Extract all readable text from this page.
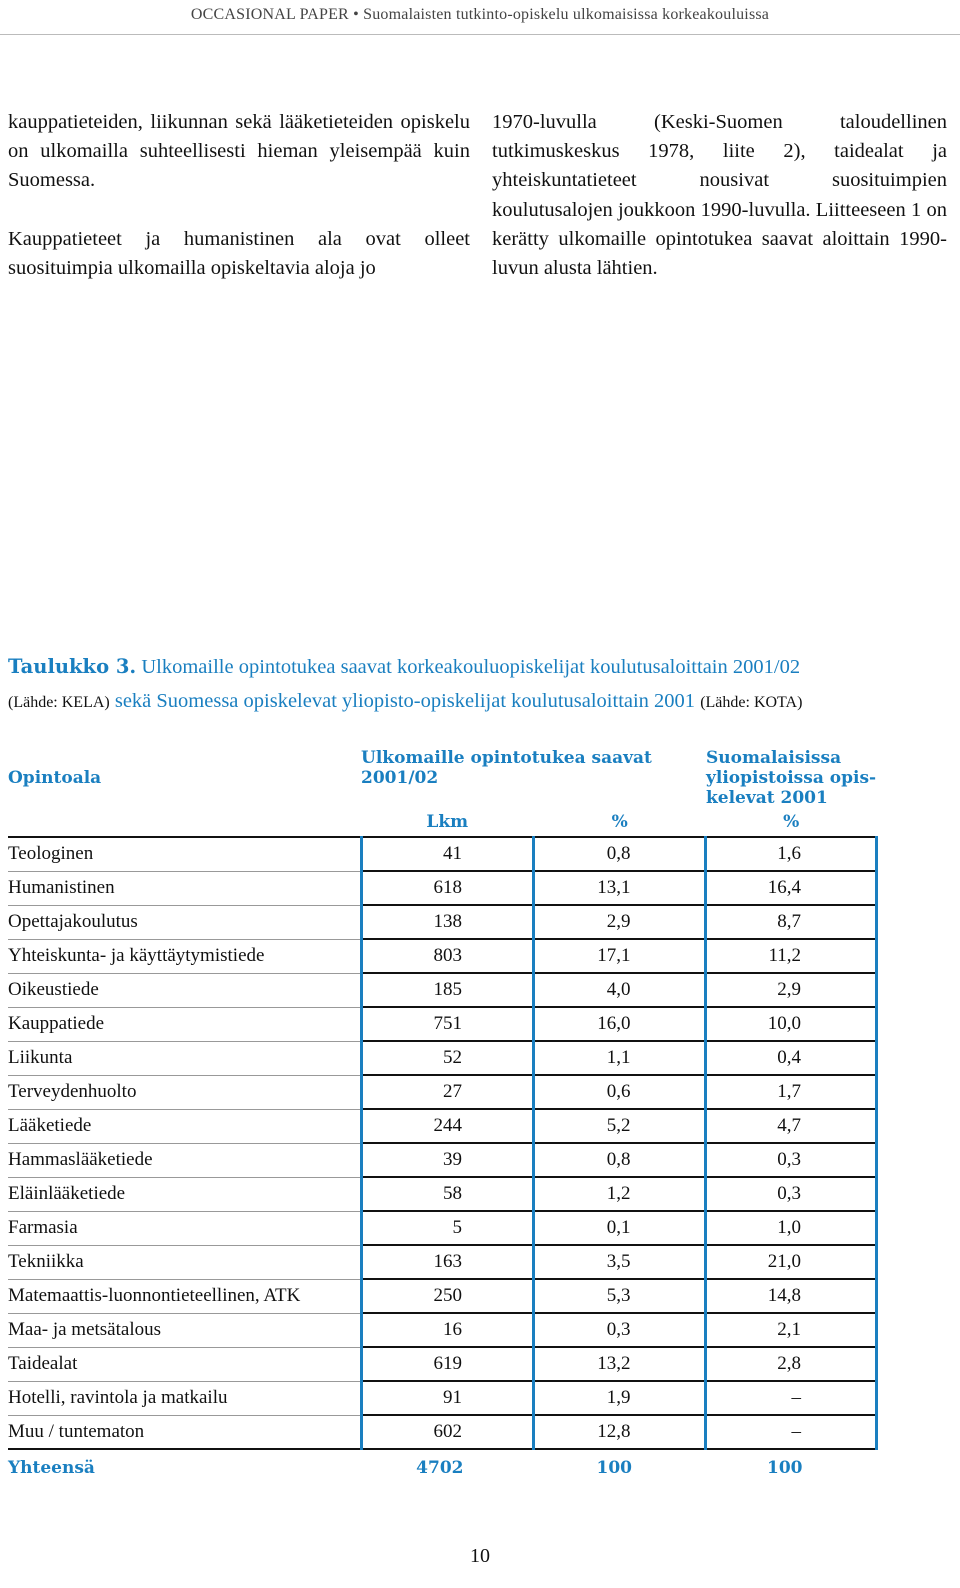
OCCASIONAL PAPER • Suomalaisten tutkinto-opiskelu ulkomaisissa korkeakouluissa

kauppatieteiden, liikunnan sekä lääketieteiden opiskelu on ulkomailla suhteellisesti hieman yleisempää kuin Suomessa.

Kauppatieteet ja humanistinen ala ovat olleet suosituimpia ulkomailla opiskeltavia aloja jo

1970-luvulla (Keski-Suomen taloudellinen tutkimuskeskus 1978, liite 2), taidealat ja yhteiskuntatieteet nousivat suosituimpien koulutusalojen joukkoon 1990-luvulla. Liitteeseen 1 on kerätty ulkomaille opintotukea saavat aloittain 1990-luvun alusta lähtien.

Taulukko 3. Ulkomaille opintotukea saavat korkeakouluopiskelijat koulutusaloittain 2001/02
(Lähde: KELA) sekä Suomessa opiskelevat yliopisto-opiskelijat koulutusaloittain 2001 (Lähde: KOTA)
Opintoala	Ulkomaille opintotukea saavat 2001/02		Suomalaisissa yliopistoissa opis-kelevat 2001
	Lkm	%	%
Teologinen	41	0,8	1,6
Humanistinen	618	13,1	16,4
Opettajakoulutus	138	2,9	8,7
Yhteiskunta- ja käyttäytymistiede	803	17,1	11,2
Oikeustiede	185	4,0	2,9
Kauppatiede	751	16,0	10,0
Liikunta	52	1,1	0,4
Terveydenhuolto	27	0,6	1,7
Lääketiede	244	5,2	4,7
Hammaslääketiede	39	0,8	0,3
Eläinlääketiede	58	1,2	0,3
Farmasia	5	0,1	1,0
Tekniikka	163	3,5	21,0
Matemaattis-luonnontieteellinen, ATK	250	5,3	14,8
Maa- ja metsätalous	16	0,3	2,1
Taidealat	619	13,2	2,8
Hotelli, ravintola ja matkailu	91	1,9	–
Muu / tuntematon	602	12,8	–
Yhteensä	4702	100	100
10
